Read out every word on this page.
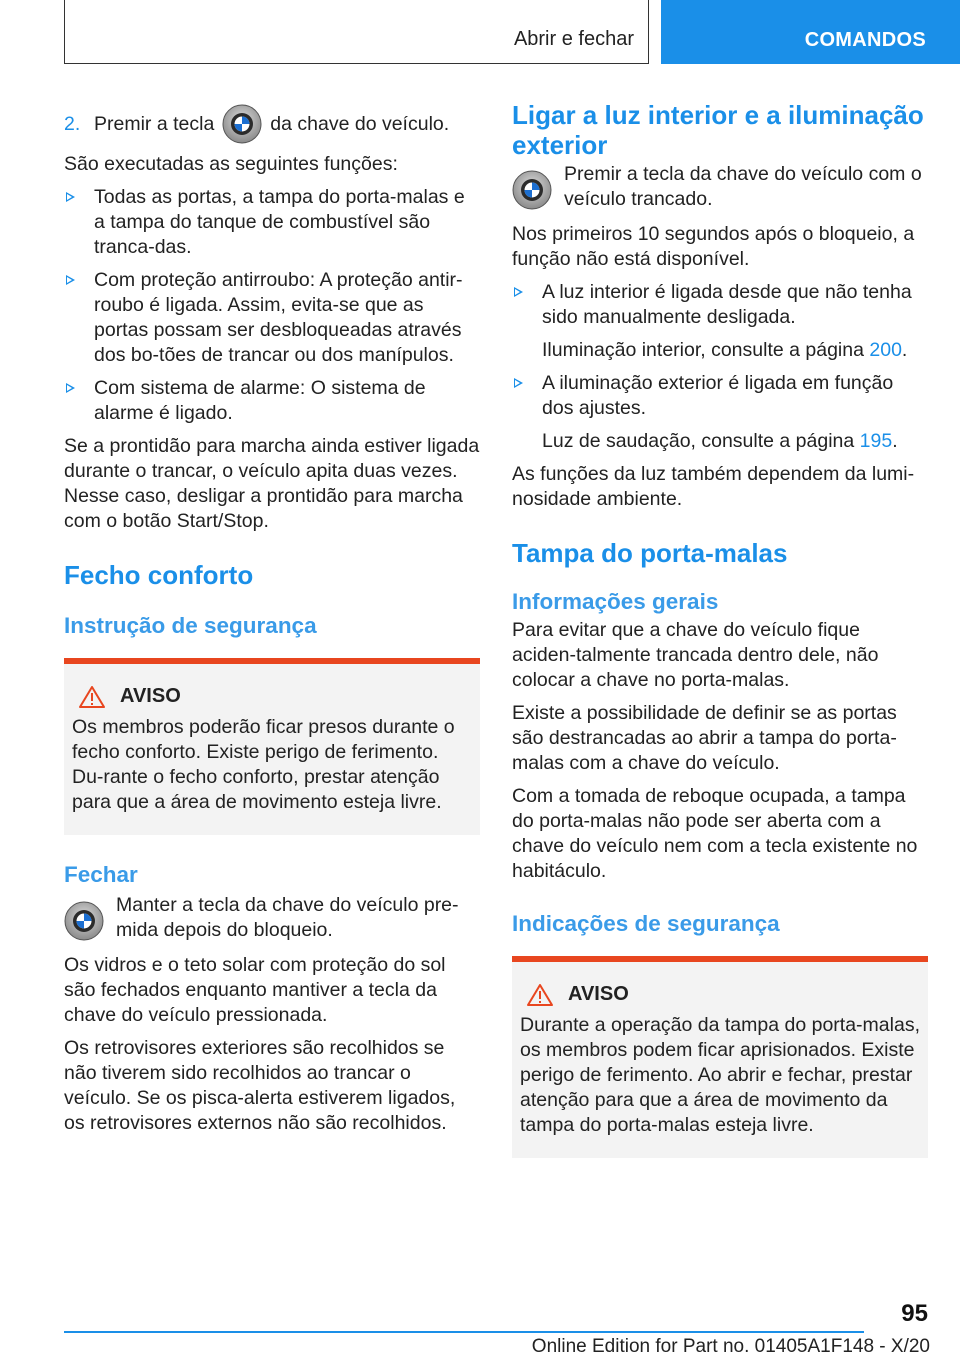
Abrir e fechar	COMANDOS
2. Premir a tecla	da chave do veículo.

São executadas as seguintes funções:

Todas as portas, a tampa do porta-malas e a tampa do tanque de combustível são tranca-das.
Com proteção antirroubo: A proteção antir-roubo é ligada. Assim, evita-se que as portas possam ser desbloqueadas através dos bo-tões de trancar ou dos manípulos.
Com sistema de alarme: O sistema de alarme é ligado.

Se a prontidão para marcha ainda estiver ligada durante o trancar, o veículo apita duas vezes. Nesse caso, desligar a prontidão para marcha com o botão Start/Stop.

Fecho conforto
Instrução de segurança
AVISO
Os membros poderão ficar presos durante o fecho conforto. Existe perigo de ferimento. Du-rante o fecho conforto, prestar atenção para que a área de movimento esteja livre.
Fechar
Manter a tecla da chave do veículo pre-mida depois do bloqueio.

Os vidros e o teto solar com proteção do sol são fechados enquanto mantiver a tecla da chave do veículo pressionada.

Os retrovisores exteriores são recolhidos se não tiverem sido recolhidos ao trancar o veículo. Se os pisca-alerta estiverem ligados, os retrovisores externos não são recolhidos.

Ligar a luz interior e a iluminação exterior
Premir a tecla da chave do veículo com o veículo trancado.

Nos primeiros 10 segundos após o bloqueio, a função não está disponível.

A luz interior é ligada desde que não tenha sido manualmente desligada.

Iluminação interior, consulte a página 200.

A iluminação exterior é ligada em função dos ajustes.

Luz de saudação, consulte a página 195.

As funções da luz também dependem da lumi-nosidade ambiente.

Tampa do porta-malas
Informações gerais

Para evitar que a chave do veículo fique aciden-talmente trancada dentro dele, não colocar a chave no porta-malas.

Existe a possibilidade de definir se as portas são destrancadas ao abrir a tampa do porta-malas com a chave do veículo.

Com a tomada de reboque ocupada, a tampa do porta-malas não pode ser aberta com a chave do veículo nem com a tecla existente no habitáculo.

Indicações de segurança
AVISO
Durante a operação da tampa do porta-malas, os membros podem ficar aprisionados. Existe perigo de ferimento. Ao abrir e fechar, prestar atenção para que a área de movimento da tampa do porta-malas esteja livre.
95
Online Edition for Part no. 01405A1F148 - X/20
